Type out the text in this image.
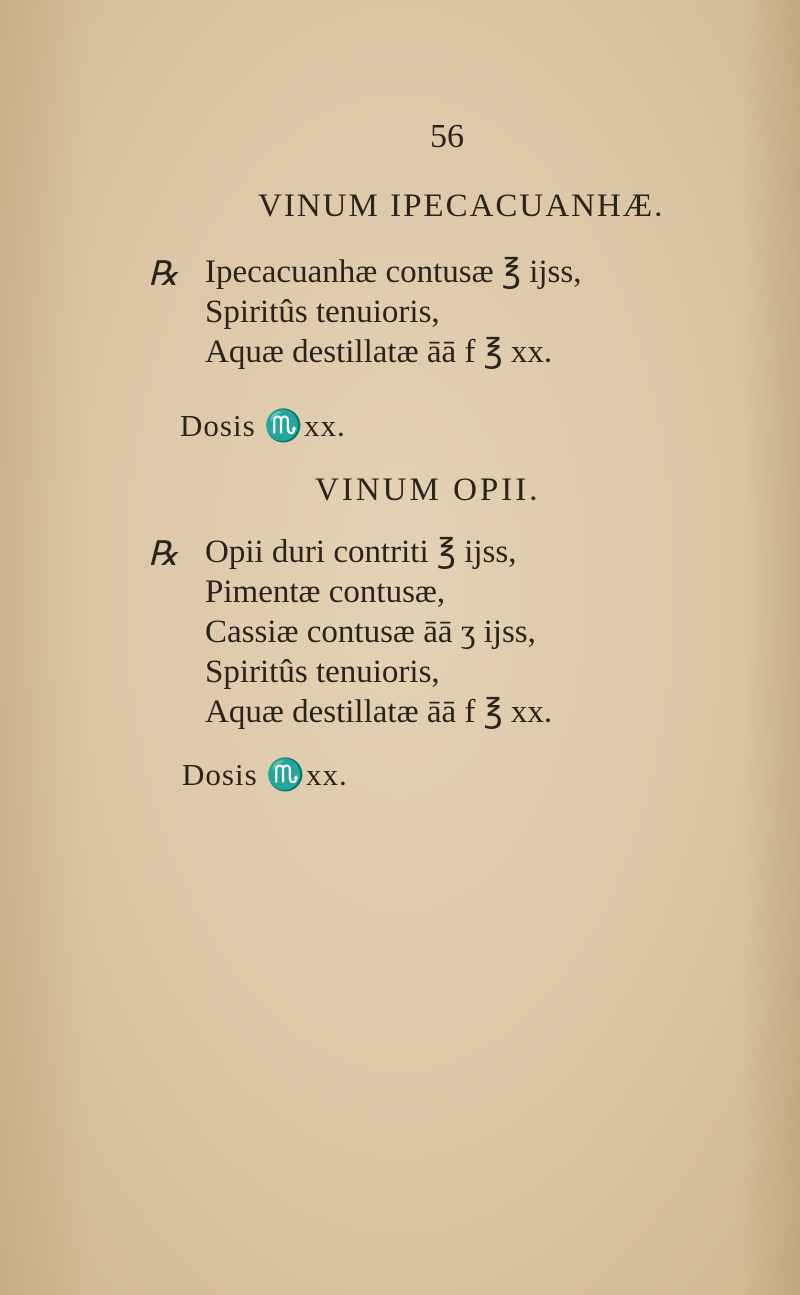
56
VINUM IPECACUANHÆ.
℞ Ipecacuanhæ contusæ ℥ ijss,
Spiritûs tenuioris,
Aquæ destillatæ āā f ℥ xx.
Dosis ♏xx.
VINUM OPII.
℞ Opii duri contriti ℥ ijss,
Pimentæ contusæ,
Cassiæ contusæ āā ʒ ijss,
Spiritûs tenuioris,
Aquæ destillatæ āā f ℥ xx.
Dosis ♏xx.
